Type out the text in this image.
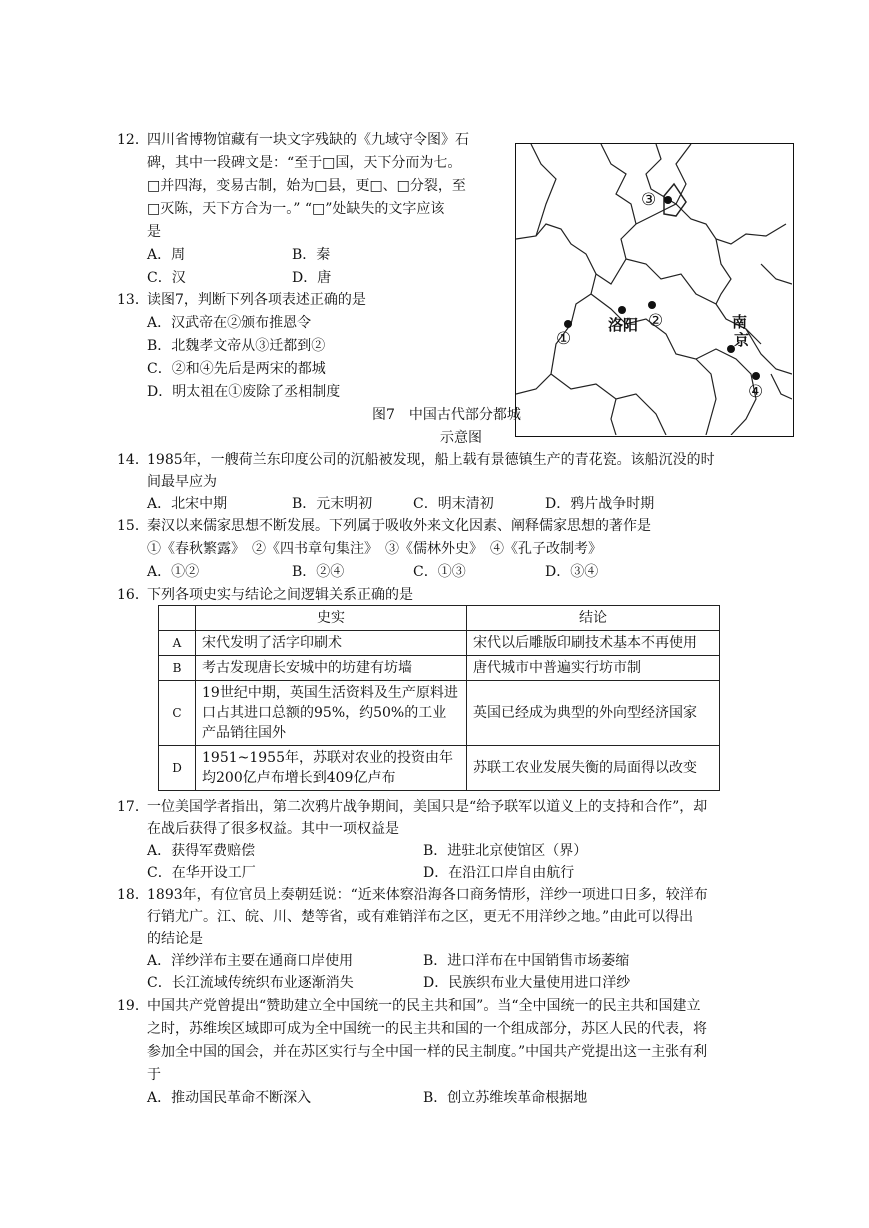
12．
四川省博物馆藏有一块文字残缺的《九域守令图》石
碑，其中一段碑文是：“至于□国，天下分而为七。
□并四海，变易古制，始为□县，更□、□分裂，至
□灭陈，天下方合为一。” “□”处缺失的文字应该
是
A．周	B．秦
C．汉	D．唐
13．
读图7，判断下列各项表述正确的是
A．汉武帝在②颁布推恩令
B．北魏孝文帝从③迁都到②
C．②和④先后是两宋的都城
D．明太祖在①废除了丞相制度
③
①
②
④
洛阳	南
京
图7　中国古代部分都城
示意图
14．
1985年，一艘荷兰东印度公司的沉船被发现，船上载有景德镇生产的青花瓷。该船沉没的时
间最早应为
A．北宋中期	B．元末明初	C．明末清初	D．鸦片战争时期
15．
秦汉以来儒家思想不断发展。下列属于吸收外来文化因素、阐释儒家思想的著作是
①《春秋繁露》　②《四书章句集注》　③《儒林外史》　④《孔子改制考》
A．①②	B．②④	C．①③	D．③④
16．
下列各项史实与结论之间逻辑关系正确的是
	史实	结论
A	宋代发明了活字印刷术	宋代以后雕版印刷技术基本不再使用
B	考古发现唐长安城中的坊建有坊墙	唐代城市中普遍实行坊市制
C	19世纪中期，英国生活资料及生产原料进口占其进口总额的95%，约50%的工业产品销往国外	英国已经成为典型的外向型经济国家
D	1951~1955年，苏联对农业的投资由年均200亿卢布增长到409亿卢布	苏联工农业发展失衡的局面得以改变
17．
一位美国学者指出，第二次鸦片战争期间，美国只是“给予联军以道义上的支持和合作”，却
在战后获得了很多权益。其中一项权益是
A．获得军费赔偿	B．进驻北京使馆区（界）
C．在华开设工厂	D．在沿江口岸自由航行
18．
1893年，有位官员上奏朝廷说：“近来体察沿海各口商务情形，洋纱一项进口日多，较洋布
行销尤广。江、皖、川、楚等省，或有难销洋布之区，更无不用洋纱之地。”由此可以得出
的结论是
A．洋纱洋布主要在通商口岸使用	B．进口洋布在中国销售市场萎缩
C．长江流域传统织布业逐渐消失	D．民族织布业大量使用进口洋纱
19．
中国共产党曾提出“赞助建立全中国统一的民主共和国”。当“全中国统一的民主共和国建立
之时，苏维埃区域即可成为全中国统一的民主共和国的一个组成部分，苏区人民的代表，将
参加全中国的国会，并在苏区实行与全中国一样的民主制度。”中国共产党提出这一主张有利
于
A．推动国民革命不断深入	B．创立苏维埃革命根据地
